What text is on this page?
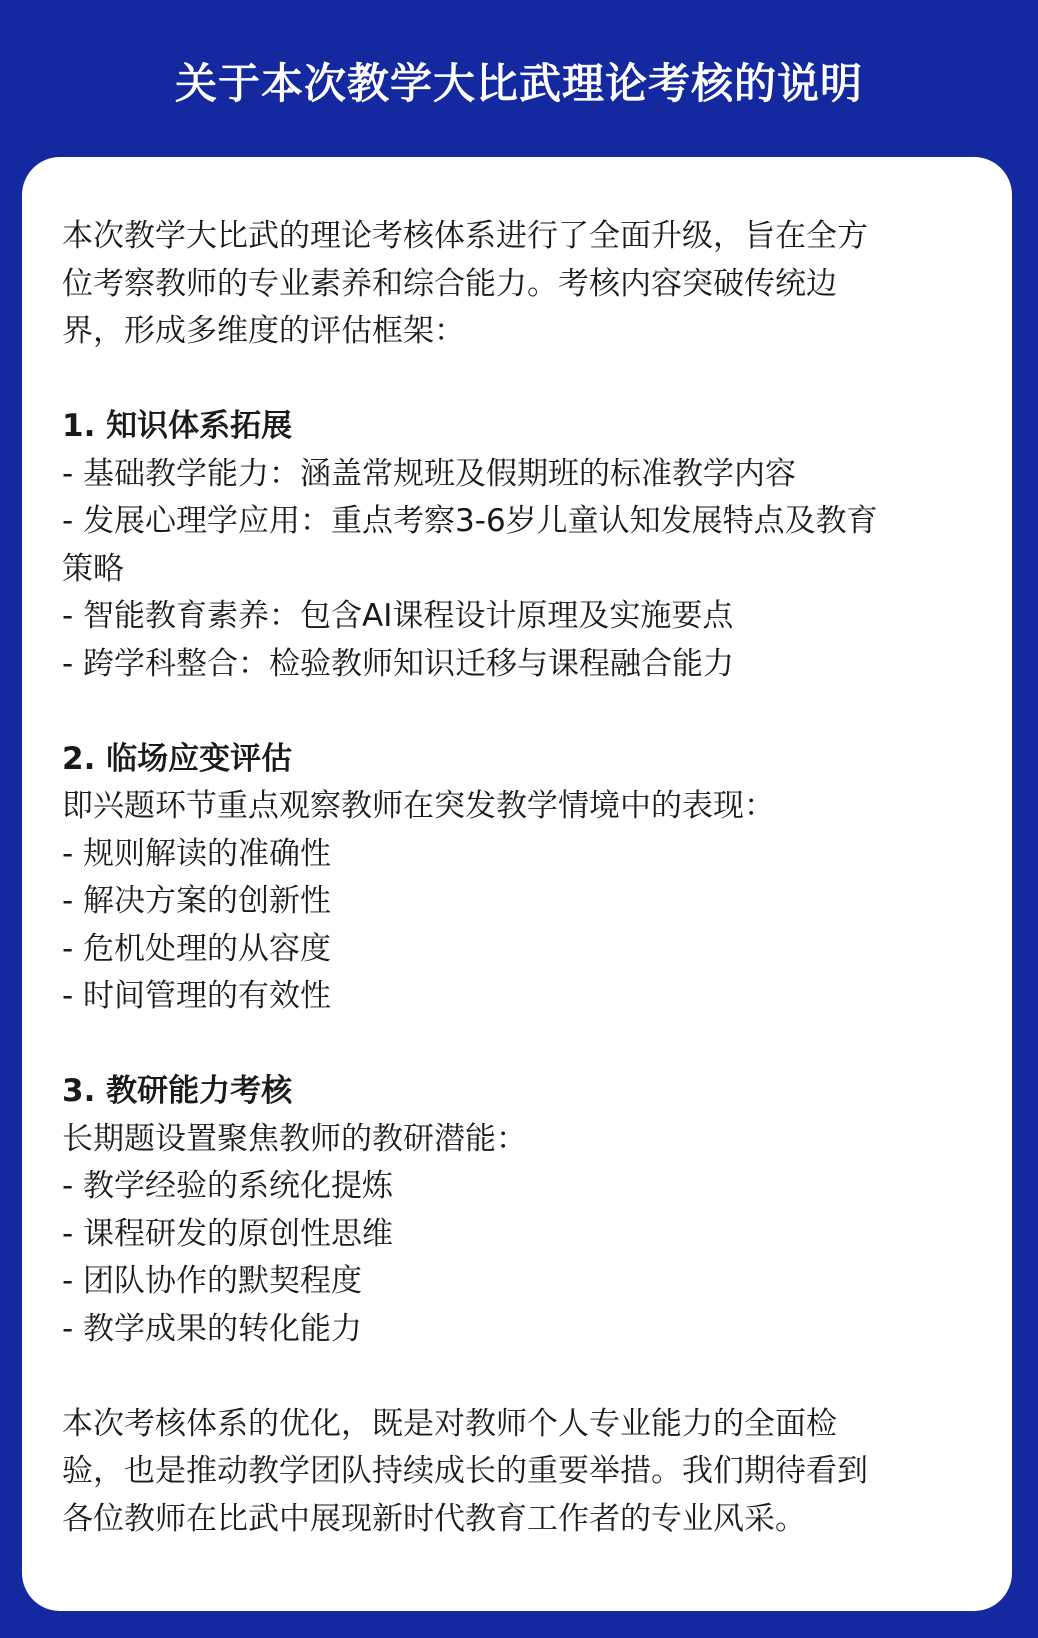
关于本次教学大比武理论考核的说明

本次教学大比武的理论考核体系进行了全面升级，旨在全方

位考察教师的专业素养和综合能力。考核内容突破传统边

界，形成多维度的评估框架：

1. 知识体系拓展

- 基础教学能力：涵盖常规班及假期班的标准教学内容

- 发展心理学应用：重点考察3-6岁儿童认知发展特点及教育

策略

- 智能教育素养：包含AI课程设计原理及实施要点

- 跨学科整合：检验教师知识迁移与课程融合能力

2. 临场应变评估

即兴题环节重点观察教师在突发教学情境中的表现：

- 规则解读的准确性

- 解决方案的创新性

- 危机处理的从容度

- 时间管理的有效性

3. 教研能力考核

长期题设置聚焦教师的教研潜能：

- 教学经验的系统化提炼

- 课程研发的原创性思维

- 团队协作的默契程度

- 教学成果的转化能力

本次考核体系的优化，既是对教师个人专业能力的全面检

验，也是推动教学团队持续成长的重要举措。我们期待看到

各位教师在比武中展现新时代教育工作者的专业风采。
